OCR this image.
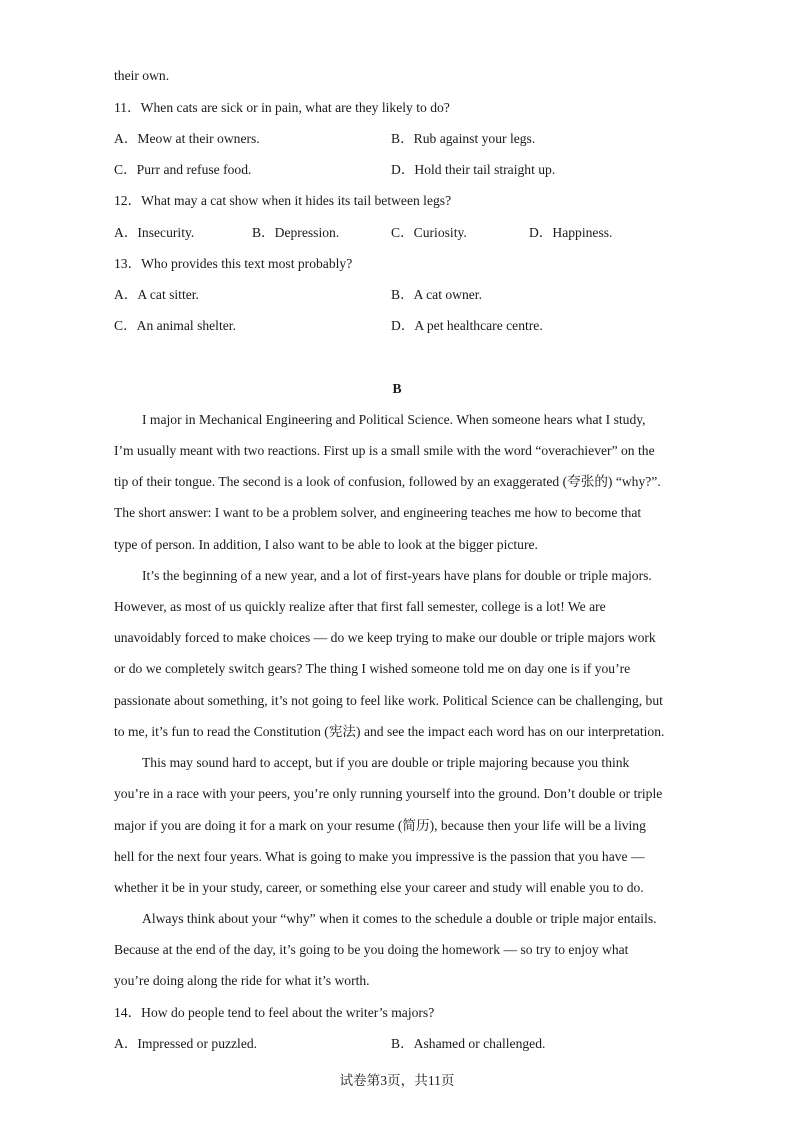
their own.
11．When cats are sick or in pain, what are they likely to do?
A．Meow at their owners.	B．Rub against your legs.
C．Purr and refuse food.	D．Hold their tail straight up.
12．What may a cat show when it hides its tail between legs?
A．Insecurity.	B．Depression.	C．Curiosity.	D．Happiness.
13．Who provides this text most probably?
A．A cat sitter.	B．A cat owner.
C．An animal shelter.	D．A pet healthcare centre.
B
I major in Mechanical Engineering and Political Science. When someone hears what I study,
I’m usually meant with two reactions. First up is a small smile with the word “overachiever” on the
tip of their tongue. The second is a look of confusion, followed by an exaggerated (夸张的) “why?”.
The short answer: I want to be a problem solver, and engineering teaches me how to become that
type of person. In addition, I also want to be able to look at the bigger picture.
It’s the beginning of a new year, and a lot of first-years have plans for double or triple majors.
However, as most of us quickly realize after that first fall semester, college is a lot! We are
unavoidably forced to make choices — do we keep trying to make our double or triple majors work
or do we completely switch gears? The thing I wished someone told me on day one is if you’re
passionate about something, it’s not going to feel like work. Political Science can be challenging, but
to me, it’s fun to read the Constitution (宪法) and see the impact each word has on our interpretation.
This may sound hard to accept, but if you are double or triple majoring because you think
you’re in a race with your peers, you’re only running yourself into the ground. Don’t double or triple
major if you are doing it for a mark on your resume (简历), because then your life will be a living
hell for the next four years. What is going to make you impressive is the passion that you have —
whether it be in your study, career, or something else your career and study will enable you to do.
Always think about your “why” when it comes to the schedule a double or triple major entails.
Because at the end of the day, it’s going to be you doing the homework — so try to enjoy what
you’re doing along the ride for what it’s worth.
14．How do people tend to feel about the writer’s majors?
A．Impressed or puzzled.	B．Ashamed or challenged.
试卷第3页，共11页
